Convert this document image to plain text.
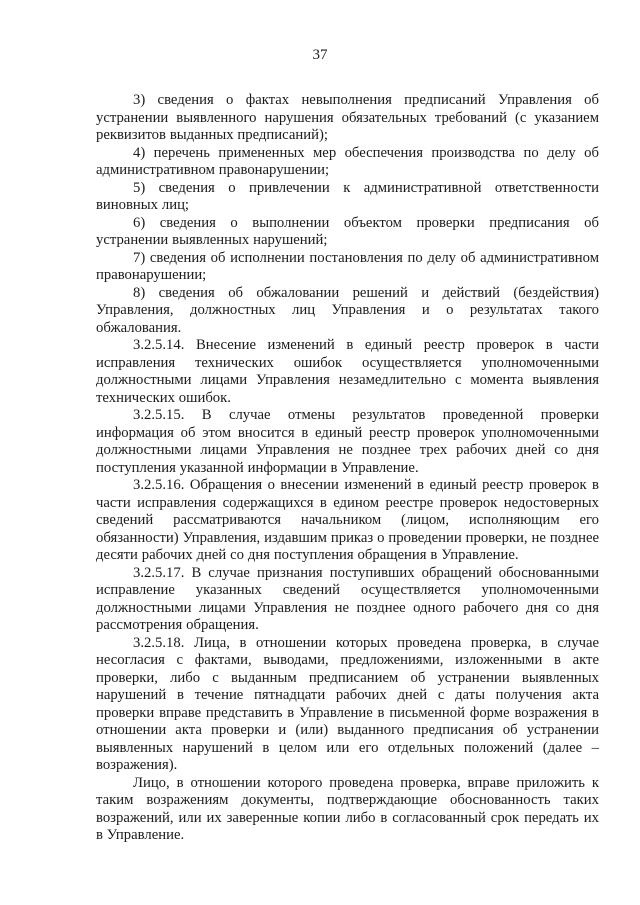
37

3) сведения о фактах невыполнения предписаний Управления об устранении выявленного нарушения обязательных требований (с указанием реквизитов выданных предписаний);

4) перечень примененных мер обеспечения производства по делу об административном правонарушении;

5) сведения о привлечении к административной ответственности виновных лиц;

6) сведения о выполнении объектом проверки предписания об устранении выявленных нарушений;

7) сведения об исполнении постановления по делу об административном правонарушении;

8) сведения об обжаловании решений и действий (бездействия) Управления, должностных лиц Управления и о результатах такого обжалования.

3.2.5.14. Внесение изменений в единый реестр проверок в части исправления технических ошибок осуществляется уполномоченными должностными лицами Управления незамедлительно с момента выявления технических ошибок.

3.2.5.15. В случае отмены результатов проведенной проверки информация об этом вносится в единый реестр проверок уполномоченными должностными лицами Управления не позднее трех рабочих дней со дня поступления указанной информации в Управление.

3.2.5.16. Обращения о внесении изменений в единый реестр проверок в части исправления содержащихся в едином реестре проверок недостоверных сведений рассматриваются начальником (лицом, исполняющим его обязанности) Управления, издавшим приказ о проведении проверки, не позднее десяти рабочих дней со дня поступления обращения в Управление.

3.2.5.17. В случае признания поступивших обращений обоснованными исправление указанных сведений осуществляется уполномоченными должностными лицами Управления не позднее одного рабочего дня со дня рассмотрения обращения.

3.2.5.18. Лица, в отношении которых проведена проверка, в случае несогласия с фактами, выводами, предложениями, изложенными в акте проверки, либо с выданным предписанием об устранении выявленных нарушений в течение пятнадцати рабочих дней с даты получения акта проверки вправе представить в Управление в письменной форме возражения в отношении акта проверки и (или) выданного предписания об устранении выявленных нарушений в целом или его отдельных положений (далее – возражения).

Лицо, в отношении которого проведена проверка, вправе приложить к таким возражениям документы, подтверждающие обоснованность таких возражений, или их заверенные копии либо в согласованный срок передать их в Управление.
